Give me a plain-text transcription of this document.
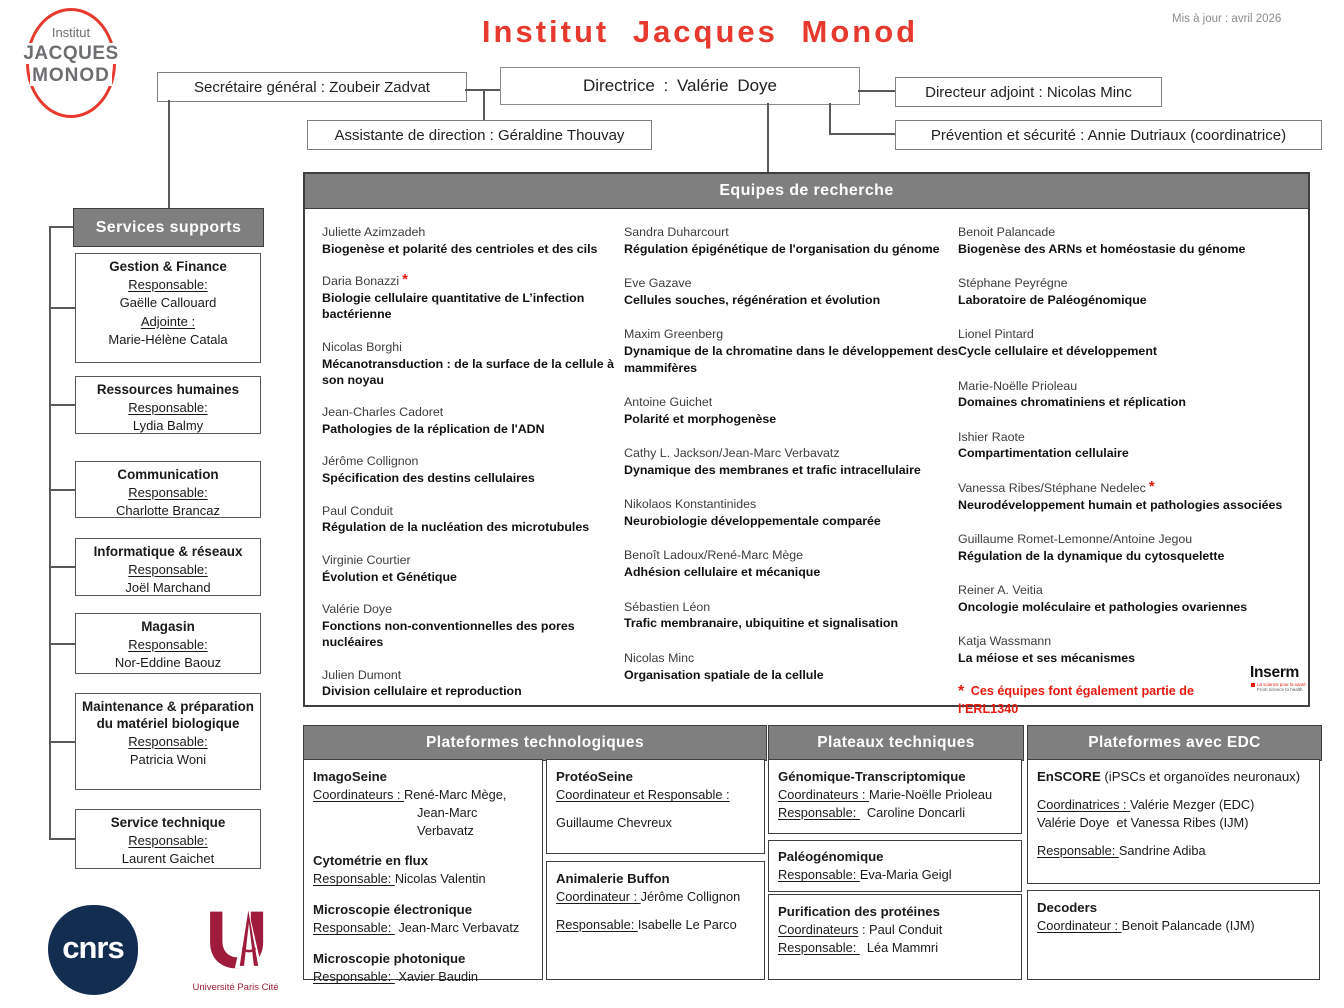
Institut
JACQUES
MONOD
Institut Jacques Monod	Mis à jour : avril 2026
Secrétaire général : Zoubeir Zadvat	Directrice : Valérie Doye	Directeur adjoint : Nicolas Minc
Assistante de direction : Géraldine Thouvay	Prévention et sécurité : Annie Dutriaux (coordinatrice)
Services supports
Gestion & Finance
Responsable:
Gaëlle Callouard
Adjointe :
Marie-Hélène Catala
Ressources humaines
Responsable:
Lydia Balmy
Communication
Responsable:
Charlotte Brancaz
Informatique & réseaux
Responsable:
Joël Marchand
Magasin
Responsable:
Nor-Eddine Baouz
Maintenance & préparation du matériel biologique
Responsable:
Patricia Woni
Service technique
Responsable:
Laurent Gaichet
Equipes de recherche
Juliette Azimzadeh
Biogenèse et polarité des centrioles et des cils
Daria Bonazzi *
Biologie cellulaire quantitative de L’infection bactérienne
Nicolas Borghi
Mécanotransduction : de la surface de la cellule à son noyau
Jean-Charles Cadoret
Pathologies de la réplication de l'ADN
Jérôme Collignon
Spécification des destins cellulaires
Paul Conduit
Régulation de la nucléation des microtubules
Virginie Courtier
Évolution et Génétique
Valérie Doye
Fonctions non-conventionnelles des pores nucléaires
Julien Dumont
Division cellulaire et reproduction
Sandra Duharcourt
Régulation épigénétique de l'organisation du génome
Eve Gazave
Cellules souches, régénération et évolution
Maxim Greenberg
Dynamique de la chromatine dans le développement des mammifères
Antoine Guichet
Polarité et morphogenèse
Cathy L. Jackson/Jean-Marc Verbavatz
Dynamique des membranes et trafic intracellulaire
Nikolaos Konstantinides
Neurobiologie développementale comparée
Benoît Ladoux/René-Marc Mège
Adhésion cellulaire et mécanique
Sébastien Léon
Trafic membranaire, ubiquitine et signalisation
Nicolas Minc
Organisation spatiale de la cellule
Benoit Palancade
Biogenèse des ARNs et homéostasie du génome
Stéphane Peyrégne
Laboratoire de Paléogénomique
Lionel Pintard
Cycle cellulaire et développement
Marie-Noëlle Prioleau
Domaines chromatiniens et réplication
Ishier Raote
Compartimentation cellulaire
Vanessa Ribes/Stéphane Nedelec *
Neurodéveloppement humain et pathologies associées
Guillaume Romet-Lemonne/Antoine Jegou
Régulation de la dynamique du cytosquelette
Reiner A. Veitia
Oncologie moléculaire et pathologies ovariennes
Katja Wassmann
La méiose et ses mécanismes
* Ces équipes font également partie de l’ERL1340
Inserm
La science pour la santé
From science to health
Plateformes technologiques	Plateaux techniques	Plateformes avec EDC
ImagoSeine
Coordinateurs : René-Marc Mège,
Jean-Marc Verbavatz
Cytométrie en flux
Responsable: Nicolas Valentin
Microscopie électronique
Responsable:  Jean-Marc Verbavatz
Microscopie photonique
Responsable:  Xavier Baudin
ProtéoSeine
Coordinateur et Responsable :
Guillaume Chevreux
Animalerie Buffon
Coordinateur : Jérôme Collignon
Responsable: Isabelle Le Parco
Génomique-Transcriptomique
Coordinateurs : Marie-Noëlle Prioleau
Responsable:   Caroline Doncarli
Paléogénomique
Responsable: Eva-Maria Geigl
Purification des protéines
Coordinateurs : Paul Conduit
Responsable:   Léa Mammri
EnSCORE (iPSCs et organoïdes neuronaux)
Coordinatrices : Valérie Mezger (EDC)
Valérie Doye  et Vanessa Ribes (IJM)
Responsable: Sandrine Adiba
Decoders
Coordinateur : Benoit Palancade (IJM)
cnrs
Université Paris Cité
